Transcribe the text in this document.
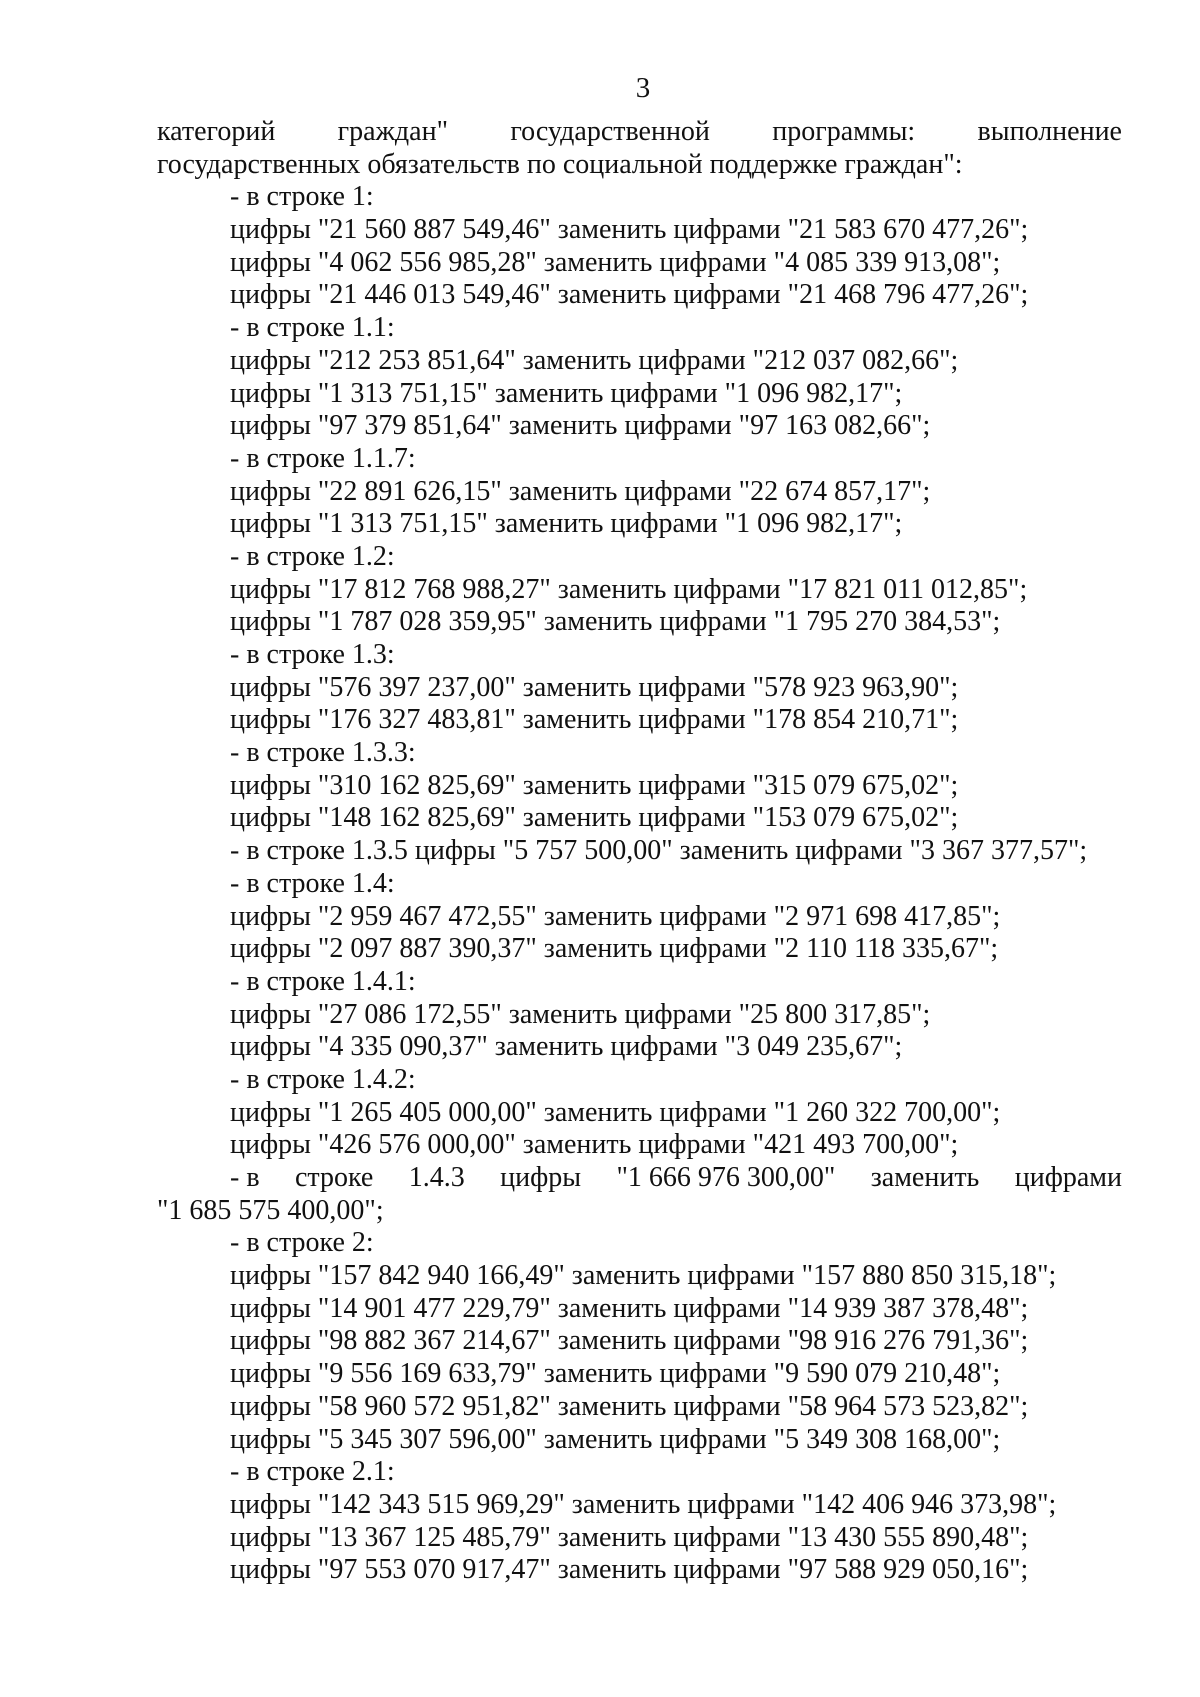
3
категорий граждан" государственной программы: выполнение
государственных обязательств по социальной поддержке граждан":
- в строке 1:
цифры "21 560 887 549,46" заменить цифрами "21 583 670 477,26";
цифры "4 062 556 985,28" заменить цифрами "4 085 339 913,08";
цифры "21 446 013 549,46" заменить цифрами "21 468 796 477,26";
- в строке 1.1:
цифры "212 253 851,64" заменить цифрами "212 037 082,66";
цифры "1 313 751,15" заменить цифрами "1 096 982,17";
цифры "97 379 851,64" заменить цифрами "97 163 082,66";
- в строке 1.1.7:
цифры "22 891 626,15" заменить цифрами "22 674 857,17";
цифры "1 313 751,15" заменить цифрами "1 096 982,17";
- в строке 1.2:
цифры "17 812 768 988,27" заменить цифрами "17 821 011 012,85";
цифры "1 787 028 359,95" заменить цифрами "1 795 270 384,53";
- в строке 1.3:
цифры "576 397 237,00" заменить цифрами "578 923 963,90";
цифры "176 327 483,81" заменить цифрами "178 854 210,71";
- в строке 1.3.3:
цифры "310 162 825,69" заменить цифрами "315 079 675,02";
цифры "148 162 825,69" заменить цифрами "153 079 675,02";
- в строке 1.3.5 цифры "5 757 500,00" заменить цифрами "3 367 377,57";
- в строке 1.4:
цифры "2 959 467 472,55" заменить цифрами "2 971 698 417,85";
цифры "2 097 887 390,37" заменить цифрами "2 110 118 335,67";
- в строке 1.4.1:
цифры "27 086 172,55" заменить цифрами "25 800 317,85";
цифры "4 335 090,37" заменить цифрами "3 049 235,67";
- в строке 1.4.2:
цифры "1 265 405 000,00" заменить цифрами "1 260 322 700,00";
цифры "426 576 000,00" заменить цифрами "421 493 700,00";
- в строке 1.4.3 цифры "1 666 976 300,00" заменить цифрами
"1 685 575 400,00";
- в строке 2:
цифры "157 842 940 166,49" заменить цифрами "157 880 850 315,18";
цифры "14 901 477 229,79" заменить цифрами "14 939 387 378,48";
цифры "98 882 367 214,67" заменить цифрами "98 916 276 791,36";
цифры "9 556 169 633,79" заменить цифрами "9 590 079 210,48";
цифры "58 960 572 951,82" заменить цифрами "58 964 573 523,82";
цифры "5 345 307 596,00" заменить цифрами "5 349 308 168,00";
- в строке 2.1:
цифры "142 343 515 969,29" заменить цифрами "142 406 946 373,98";
цифры "13 367 125 485,79" заменить цифрами "13 430 555 890,48";
цифры "97 553 070 917,47" заменить цифрами "97 588 929 050,16";
